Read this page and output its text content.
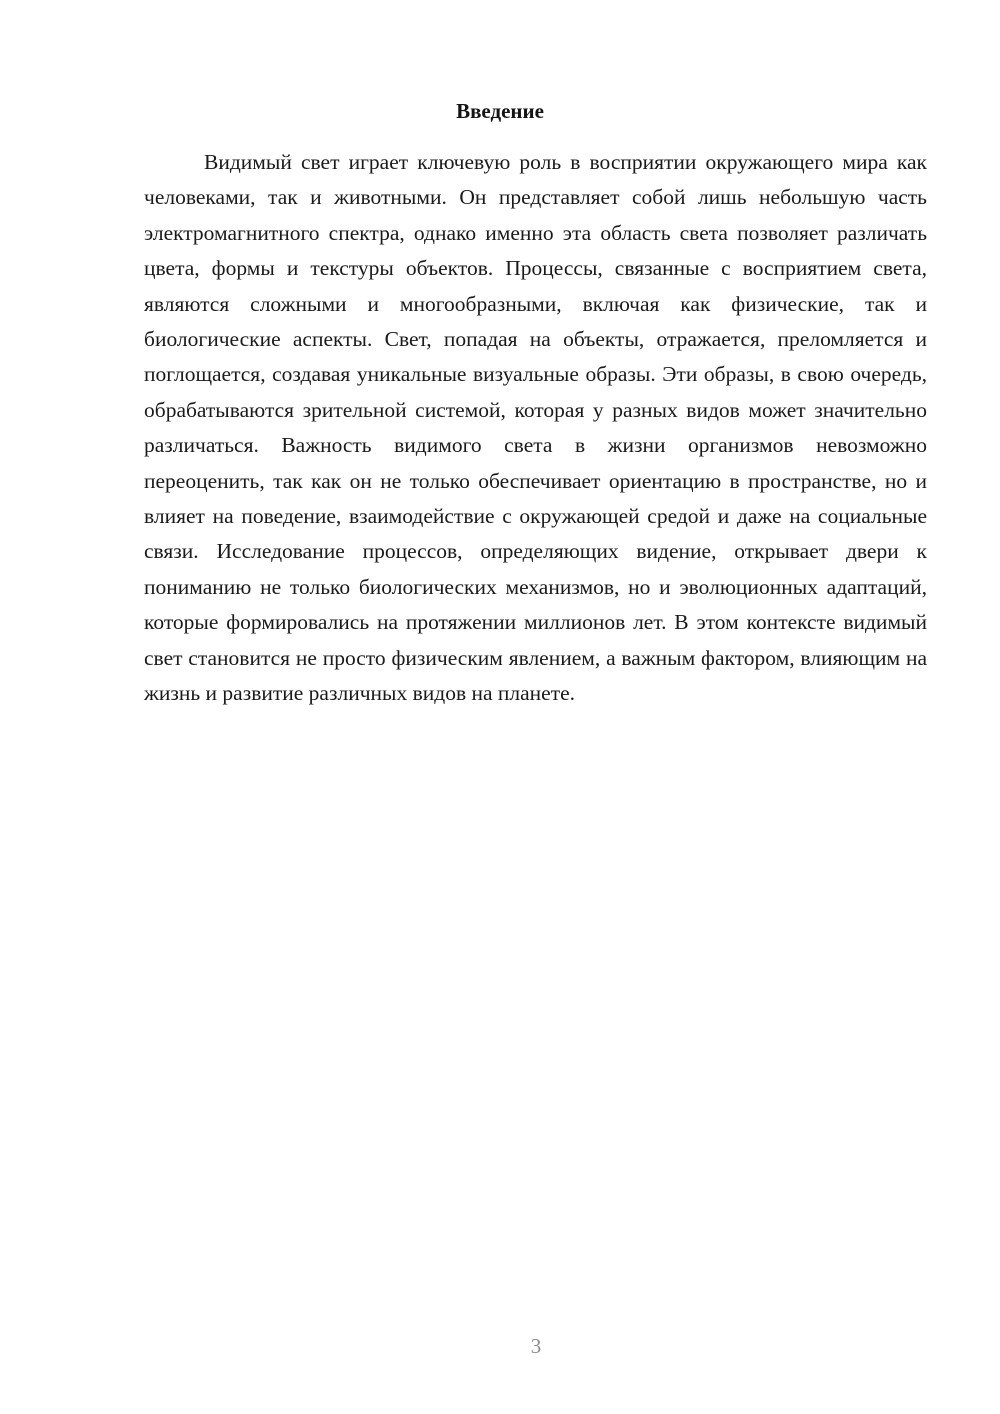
Введение

Видимый свет играет ключевую роль в восприятии окружающего мира как человеками, так и животными. Он представляет собой лишь небольшую часть электромагнитного спектра, однако именно эта область света позволяет различать цвета, формы и текстуры объектов. Процессы, связанные с восприятием света, являются сложными и многообразными, включая как физические, так и биологические аспекты. Свет, попадая на объекты, отражается, преломляется и поглощается, создавая уникальные визуальные образы. Эти образы, в свою очередь, обрабатываются зрительной системой, которая у разных видов может значительно различаться. Важность видимого света в жизни организмов невозможно переоценить, так как он не только обеспечивает ориентацию в пространстве, но и влияет на поведение, взаимодействие с окружающей средой и даже на социальные связи. Исследование процессов, определяющих видение, открывает двери к пониманию не только биологических механизмов, но и эволюционных адаптаций, которые формировались на протяжении миллионов лет. В этом контексте видимый свет становится не просто физическим явлением, а важным фактором, влияющим на жизнь и развитие различных видов на планете.

3
